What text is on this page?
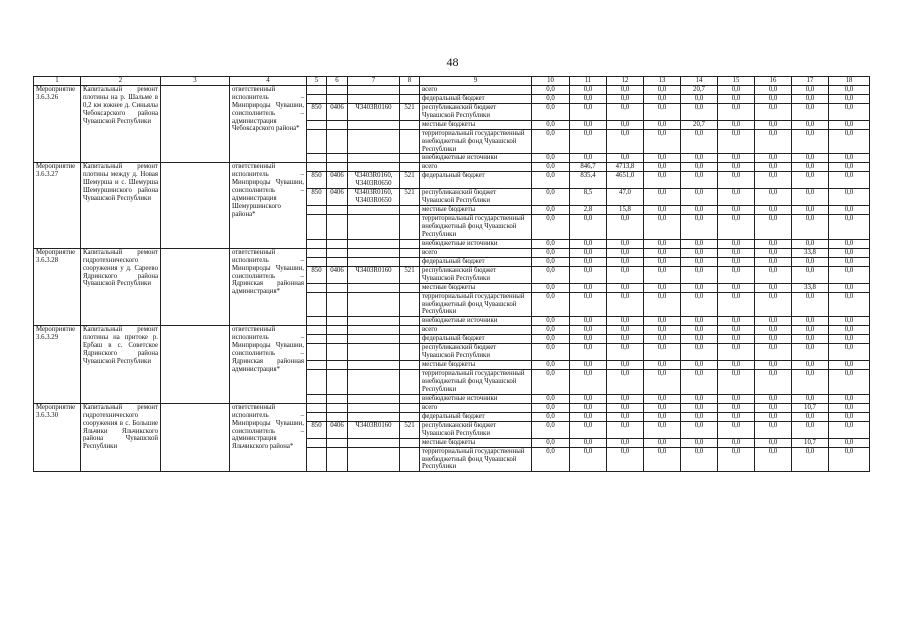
48
1	2	3	4	5	6	7	8	9	10	11	12	13	14	15	16	17	18
Мероприятие 3.6.3.26	Капитальный ремонт плотины на р. Шальме в 0,2 км южнее д. Синьялы Чебоксарского района Чувашской Республики		ответственный исполнитель – Минприроды Чувашии, соисполнитель – администрация Чебоксарского района*					всего	0,0	0,0	0,0	0,0	20,7	0,0	0,0	0,0	0,0
								федеральный бюджет	0,0	0,0	0,0	0,0	0,0	0,0	0,0	0,0	0,0
				850	0406	Ч3403R0160	521	республиканский бюджет Чувашской Республики	0,0	0,0	0,0	0,0	0,0	0,0	0,0	0,0	0,0
								местные бюджеты	0,0	0,0	0,0	0,0	20,7	0,0	0,0	0,0	0,0
								территориальный государственный внебюджетный фонд Чувашской Республики	0,0	0,0	0,0	0,0	0,0	0,0	0,0	0,0	0,0
								внебюджетные источники	0,0	0,0	0,0	0,0	0,0	0,0	0,0	0,0	0,0
Мероприятие 3.6.3.27	Капитальный ремонт плотины между д. Новая Шемурша и с. Шемурша Шемуршинского района Чувашской Республики		ответственный исполнитель – Минприроды Чувашии, соисполнитель – администрация Шемуршинского района*					всего	0,0	846,7	4713,8	0,0	0,0	0,0	0,0	0,0	0,0
				850	0406	Ч3403R0160, Ч3403R0650	521	федеральный бюджет	0,0	835,4	4651,0	0,0	0,0	0,0	0,0	0,0	0,0
				850	0406	Ч3403R0160, Ч3403R0650	521	республиканский бюджет Чувашской Республики	0,0	8,5	47,0	0,0	0,0	0,0	0,0	0,0	0,0
								местные бюджеты	0,0	2,8	15,8	0,0	0,0	0,0	0,0	0,0	0,0
								территориальный государственный внебюджетный фонд Чувашской Республики	0,0	0,0	0,0	0,0	0,0	0,0	0,0	0,0	0,0
								внебюджетные источники	0,0	0,0	0,0	0,0	0,0	0,0	0,0	0,0	0,0
Мероприятие 3.6.3.28	Капитальный ремонт гидротехнического сооружения у д. Сареево Ядринского района Чувашской Республики		ответственный исполнитель – Минприроды Чувашии, соисполнитель – Ядринская районная администрация*					всего	0,0	0,0	0,0	0,0	0,0	0,0	0,0	33,8	0,0
								федеральный бюджет	0,0	0,0	0,0	0,0	0,0	0,0	0,0	0,0	0,0
				850	0406	Ч3403R0160	521	республиканский бюджет Чувашской Республики	0,0	0,0	0,0	0,0	0,0	0,0	0,0	0,0	0,0
								местные бюджеты	0,0	0,0	0,0	0,0	0,0	0,0	0,0	33,8	0,0
								территориальный государственный внебюджетный фонд Чувашской Республики	0,0	0,0	0,0	0,0	0,0	0,0	0,0	0,0	0,0
								внебюджетные источники	0,0	0,0	0,0	0,0	0,0	0,0	0,0	0,0	0,0
Мероприятие 3.6.3.29	Капитальный ремонт плотины на притоке р. Ербаш в с. Советское Ядринского района Чувашской Республики		ответственный исполнитель – Минприроды Чувашии, соисполнитель – Ядринская районная администрация*					всего	0,0	0,0	0,0	0,0	0,0	0,0	0,0	0,0	0,0
								федеральный бюджет	0,0	0,0	0,0	0,0	0,0	0,0	0,0	0,0	0,0
								республиканский бюджет Чувашской Республики	0,0	0,0	0,0	0,0	0,0	0,0	0,0	0,0	0,0
								местные бюджеты	0,0	0,0	0,0	0,0	0,0	0,0	0,0	0,0	0,0
								территориальный государственный внебюджетный фонд Чувашской Республики	0,0	0,0	0,0	0,0	0,0	0,0	0,0	0,0	0,0
								внебюджетные источники	0,0	0,0	0,0	0,0	0,0	0,0	0,0	0,0	0,0
Мероприятие 3.6.3.30	Капитальный ремонт гидротехнического сооружения в с. Большие Яльчики Яльчикского района Чувашской Республики		ответственный исполнитель – Минприроды Чувашии, соисполнитель – администрация Яльчикского района*					всего	0,0	0,0	0,0	0,0	0,0	0,0	0,0	10,7	0,0
								федеральный бюджет	0,0	0,0	0,0	0,0	0,0	0,0	0,0	0,0	0,0
				850	0406	Ч3403R0160	521	республиканский бюджет Чувашской Республики	0,0	0,0	0,0	0,0	0,0	0,0	0,0	0,0	0,0
								местные бюджеты	0,0	0,0	0,0	0,0	0,0	0,0	0,0	10,7	0,0
								территориальный государственный внебюджетный фонд Чувашской Республики	0,0	0,0	0,0	0,0	0,0	0,0	0,0	0,0	0,0
